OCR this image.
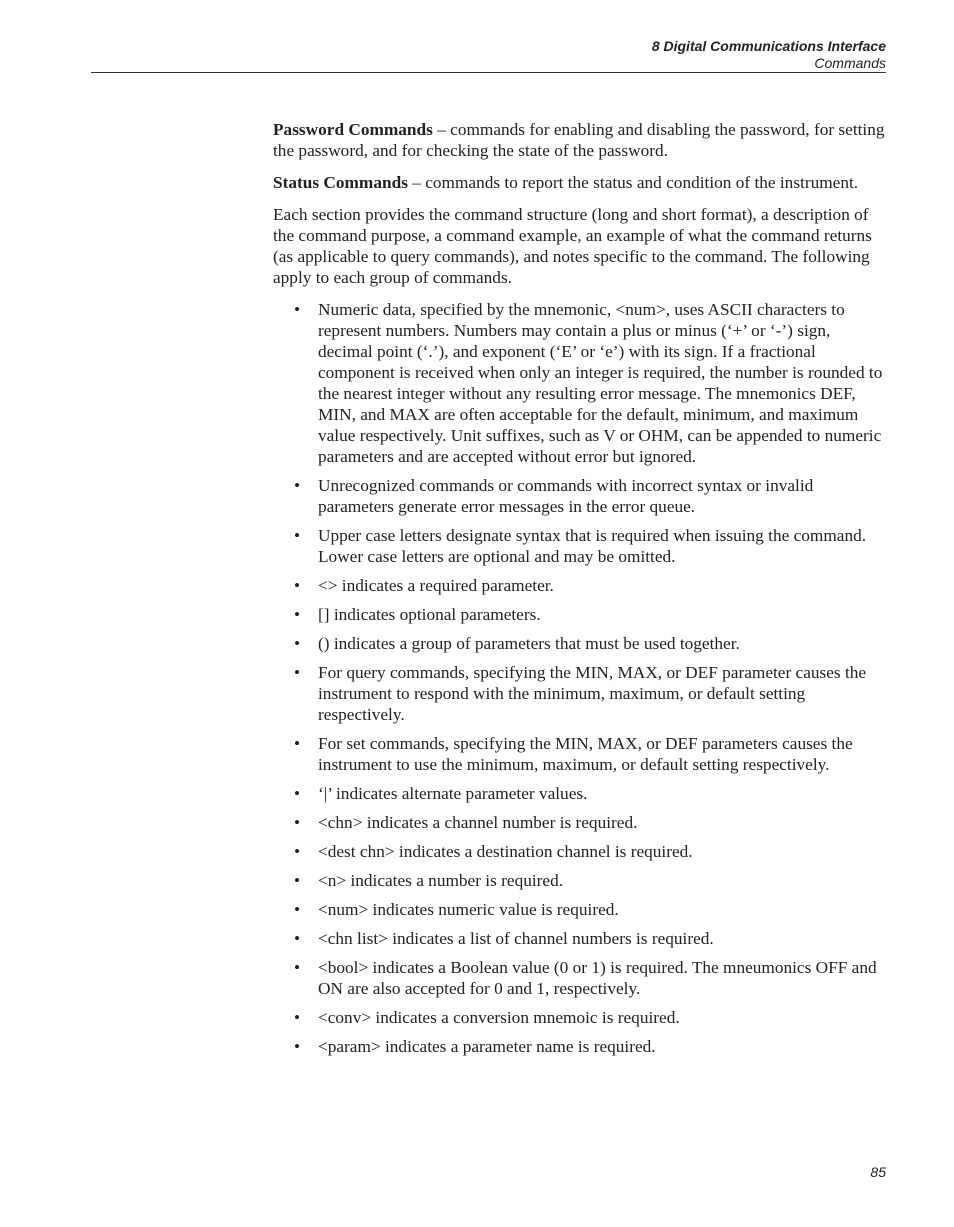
8 Digital Communications Interface
Commands

Password Commands – commands for enabling and disabling the password, for setting the password, and for checking the state of the password.

Status Commands – commands to report the status and condition of the instrument.

Each section provides the command structure (long and short format), a description of the command purpose, a command example, an example of what the command returns (as applicable to query commands), and notes specific to the command. The following apply to each group of commands.

• Numeric data, specified by the mnemonic, <num>, uses ASCII characters to represent numbers. Numbers may contain a plus or minus (‘+’ or ‘-’) sign, decimal point (‘.’), and exponent (‘E’ or ‘e’) with its sign. If a fractional component is received when only an integer is required, the number is rounded to the nearest integer without any resulting error message. The mnemonics DEF, MIN, and MAX are often acceptable for the default, minimum, and maximum value respectively. Unit suffixes, such as V or OHM, can be appended to numeric parameters and are accepted without error but ignored.
• Unrecognized commands or commands with incorrect syntax or invalid parameters generate error messages in the error queue.
• Upper case letters designate syntax that is required when issuing the command. Lower case letters are optional and may be omitted.
• <> indicates a required parameter.
• [] indicates optional parameters.
• () indicates a group of parameters that must be used together.
• For query commands, specifying the MIN, MAX, or DEF parameter causes the instrument to respond with the minimum, maximum, or default setting respectively.
• For set commands, specifying the MIN, MAX, or DEF parameters causes the instrument to use the minimum, maximum, or default setting respectively.
• ‘|’ indicates alternate parameter values.
• <chn> indicates a channel number is required.
• <dest chn> indicates a destination channel is required.
• <n> indicates a number is required.
• <num> indicates numeric value is required.
• <chn list> indicates a list of channel numbers is required.
• <bool> indicates a Boolean value (0 or 1) is required. The mneumonics OFF and ON are also accepted for 0 and 1, respectively.
• <conv> indicates a conversion mnemoic is required.
• <param> indicates a parameter name is required.
85
